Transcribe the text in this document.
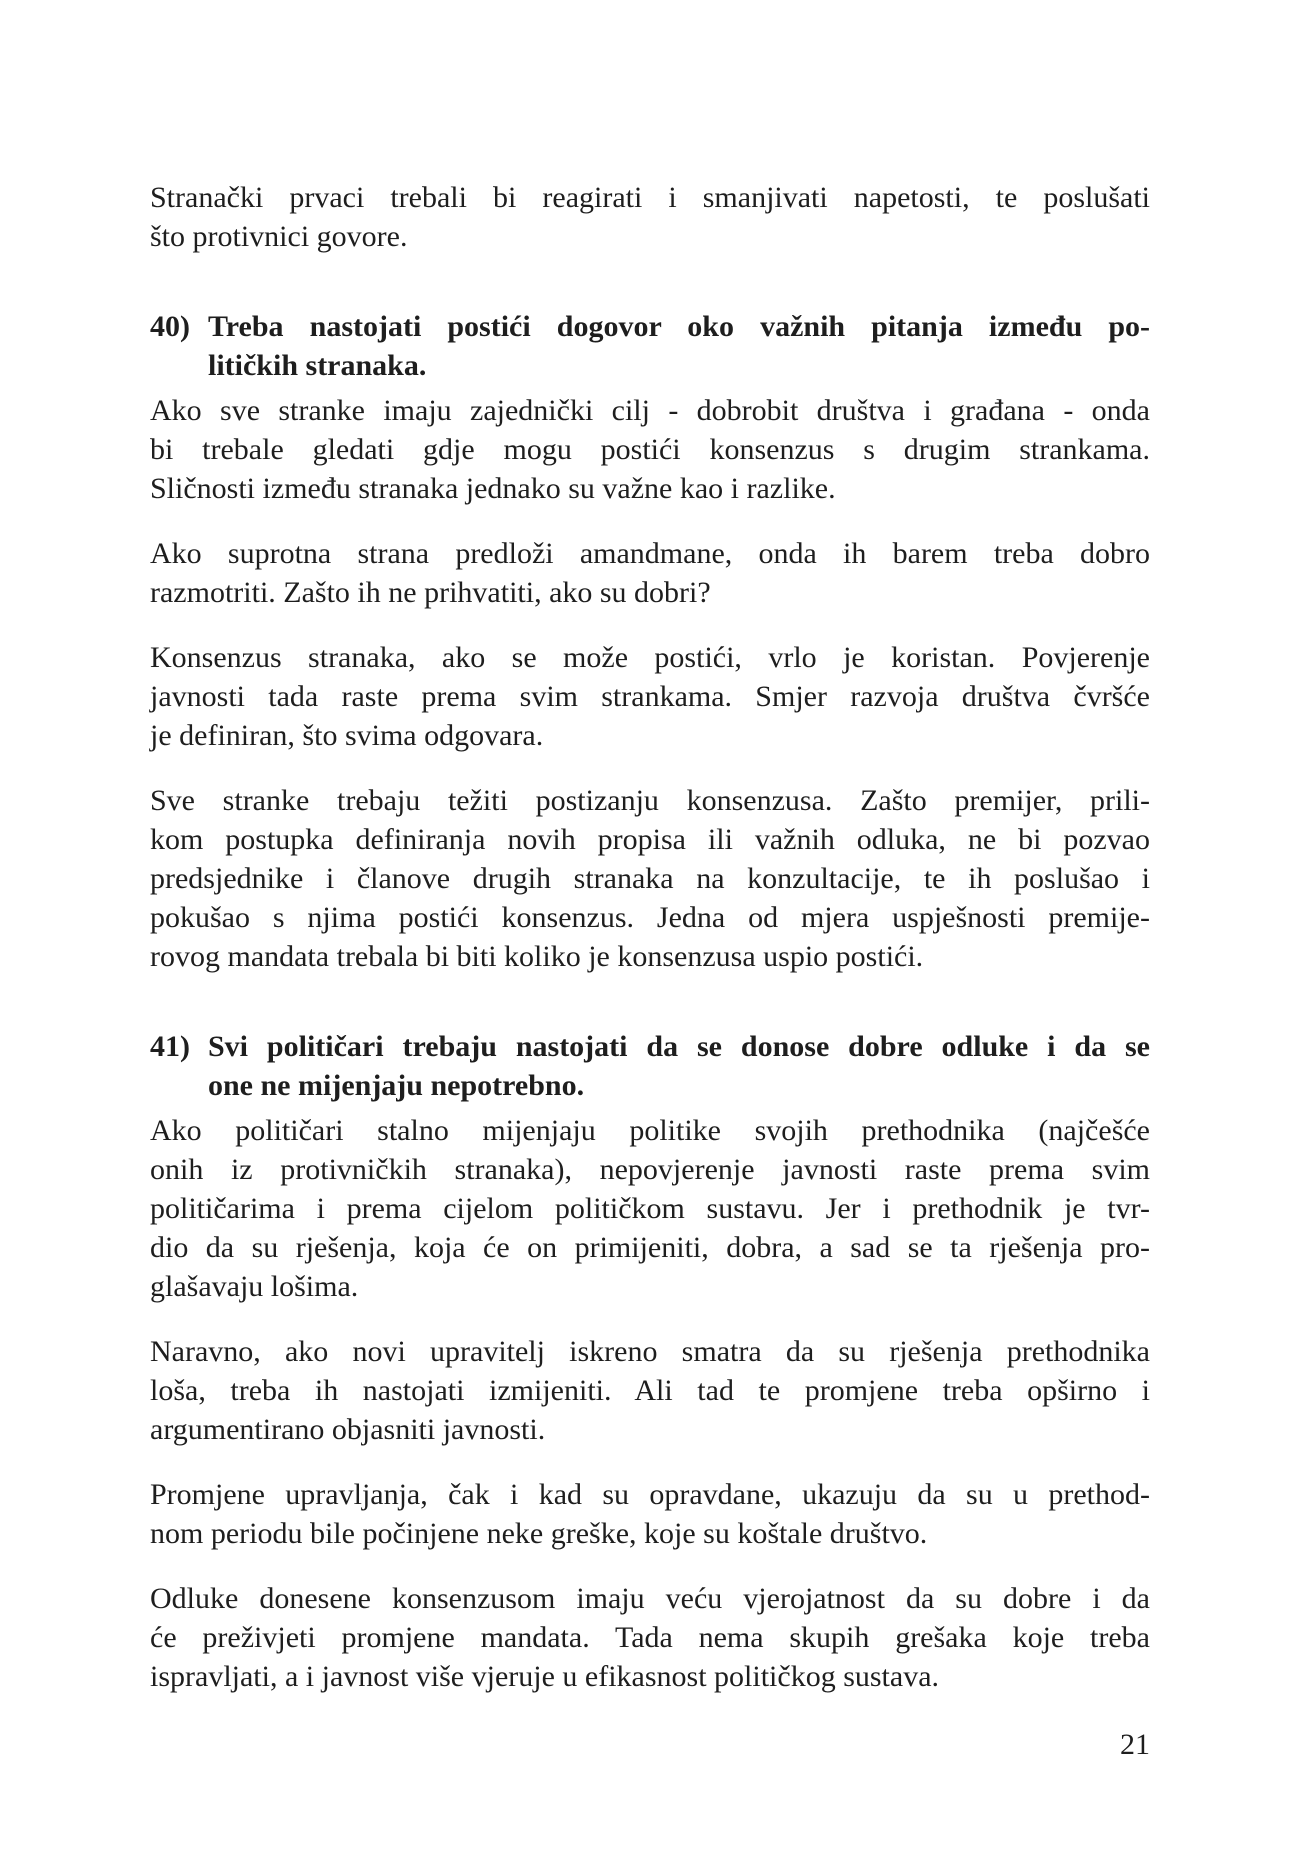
Stranački prvaci trebali bi reagirati i smanjivati napetosti, te poslušati
što protivnici govore.
40) Treba nastojati postići dogovor oko važnih pitanja između po-
litičkih stranaka.
Ako sve stranke imaju zajednički cilj - dobrobit društva i građana - onda
bi trebale gledati gdje mogu postići konsenzus s drugim strankama.
Sličnosti između stranaka jednako su važne kao i razlike.
Ako suprotna strana predloži amandmane, onda ih barem treba dobro
razmotriti. Zašto ih ne prihvatiti, ako su dobri?
Konsenzus stranaka, ako se može postići, vrlo je koristan. Povjerenje
javnosti tada raste prema svim strankama. Smjer razvoja društva čvršće
je definiran, što svima odgovara.
Sve stranke trebaju težiti postizanju konsenzusa. Zašto premijer, prili-
kom postupka definiranja novih propisa ili važnih odluka, ne bi pozvao
predsjednike i članove drugih stranaka na konzultacije, te ih poslušao i
pokušao s njima postići konsenzus. Jedna od mjera uspješnosti premije-
rovog mandata trebala bi biti koliko je konsenzusa uspio postići.
41) Svi političari trebaju nastojati da se donose dobre odluke i da se
one ne mijenjaju nepotrebno.
Ako političari stalno mijenjaju politike svojih prethodnika (najčešće
onih iz protivničkih stranaka), nepovjerenje javnosti raste prema svim
političarima i prema cijelom političkom sustavu. Jer i prethodnik je tvr-
dio da su rješenja, koja će on primijeniti, dobra, a sad se ta rješenja pro-
glašavaju lošima.
Naravno, ako novi upravitelj iskreno smatra da su rješenja prethodnika
loša, treba ih nastojati izmijeniti. Ali tad te promjene treba opširno i
argumentirano objasniti javnosti.
Promjene upravljanja, čak i kad su opravdane, ukazuju da su u prethod-
nom periodu bile počinjene neke greške, koje su koštale društvo.
Odluke donesene konsenzusom imaju veću vjerojatnost da su dobre i da
će preživjeti promjene mandata. Tada nema skupih grešaka koje treba
ispravljati, a i javnost više vjeruje u efikasnost političkog sustava.
21
